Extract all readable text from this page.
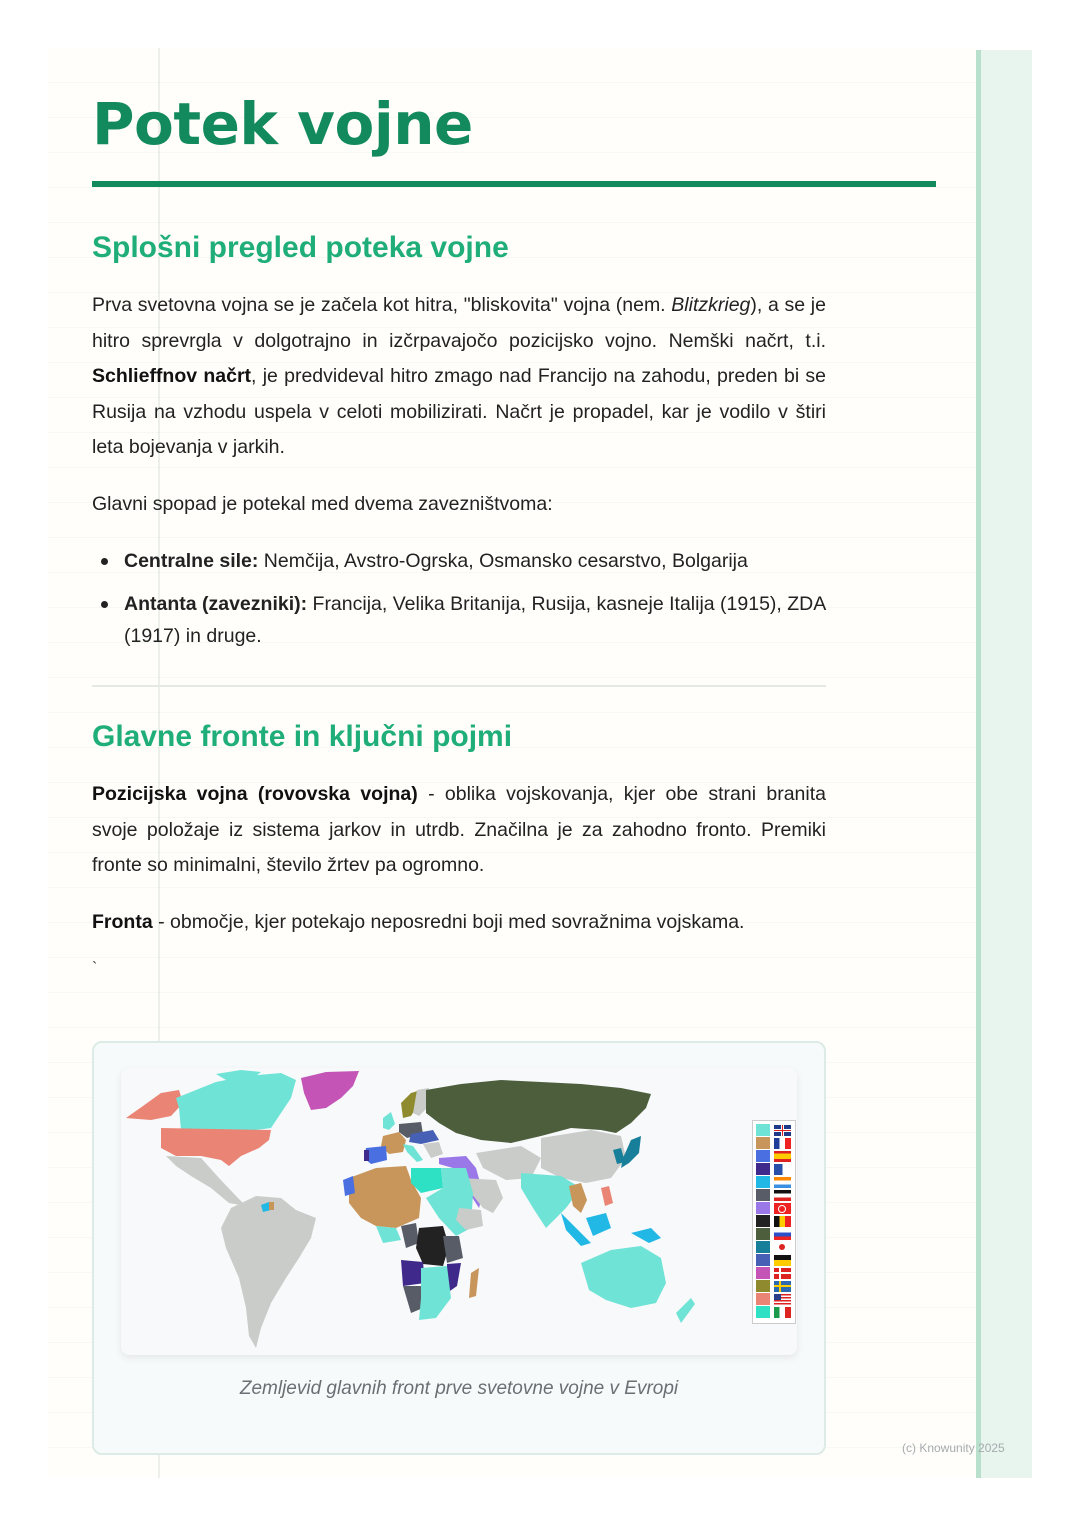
Potek vojne
Splošni pregled poteka vojne

Prva svetovna vojna se je začela kot hitra, "bliskovita" vojna (nem. Blitzkrieg), a se je hitro sprevrgla v dolgotrajno in izčrpavajočo pozicijsko vojno. Nemški načrt, t.i. Schlieffnov načrt, je predvideval hitro zmago nad Francijo na zahodu, preden bi se Rusija na vzhodu uspela v celoti mobilizirati. Načrt je propadel, kar je vodilo v štiri leta bojevanja v jarkih.

Glavni spopad je potekal med dvema zavezništvoma:

Centralne sile: Nemčija, Avstro-Ogrska, Osmansko cesarstvo, Bolgarija
Antanta (zavezniki): Francija, Velika Britanija, Rusija, kasneje Italija (1915), ZDA (1917) in druge.
Glavne fronte in ključni pojmi

Pozicijska vojna (rovovska vojna) - oblika vojskovanja, kjer obe strani branita svoje položaje iz sistema jarkov in utrdb. Značilna je za zahodno fronto. Premiki fronte so minimalni, število žrtev pa ogromno.

Fronta - območje, kjer potekajo neposredni boji med sovražnima vojskama.

`
Zemljevid glavnih front prve svetovne vojne v Evropi
(c) Knowunity 2025
